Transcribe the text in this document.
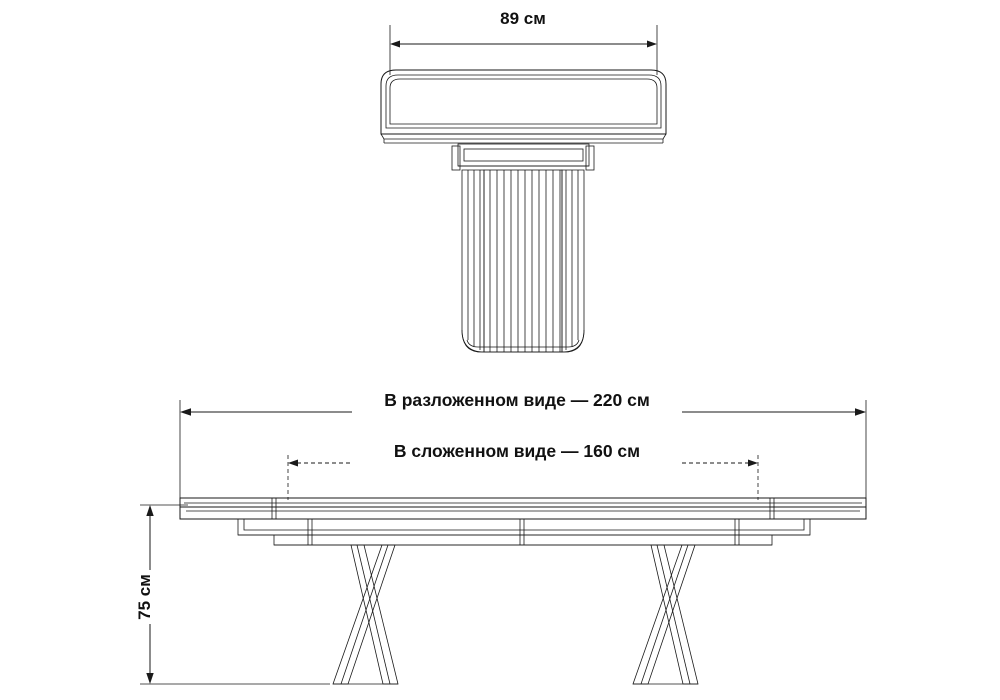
89 см
В разложенном виде — 220 см
В сложенном виде — 160 см
75 см
